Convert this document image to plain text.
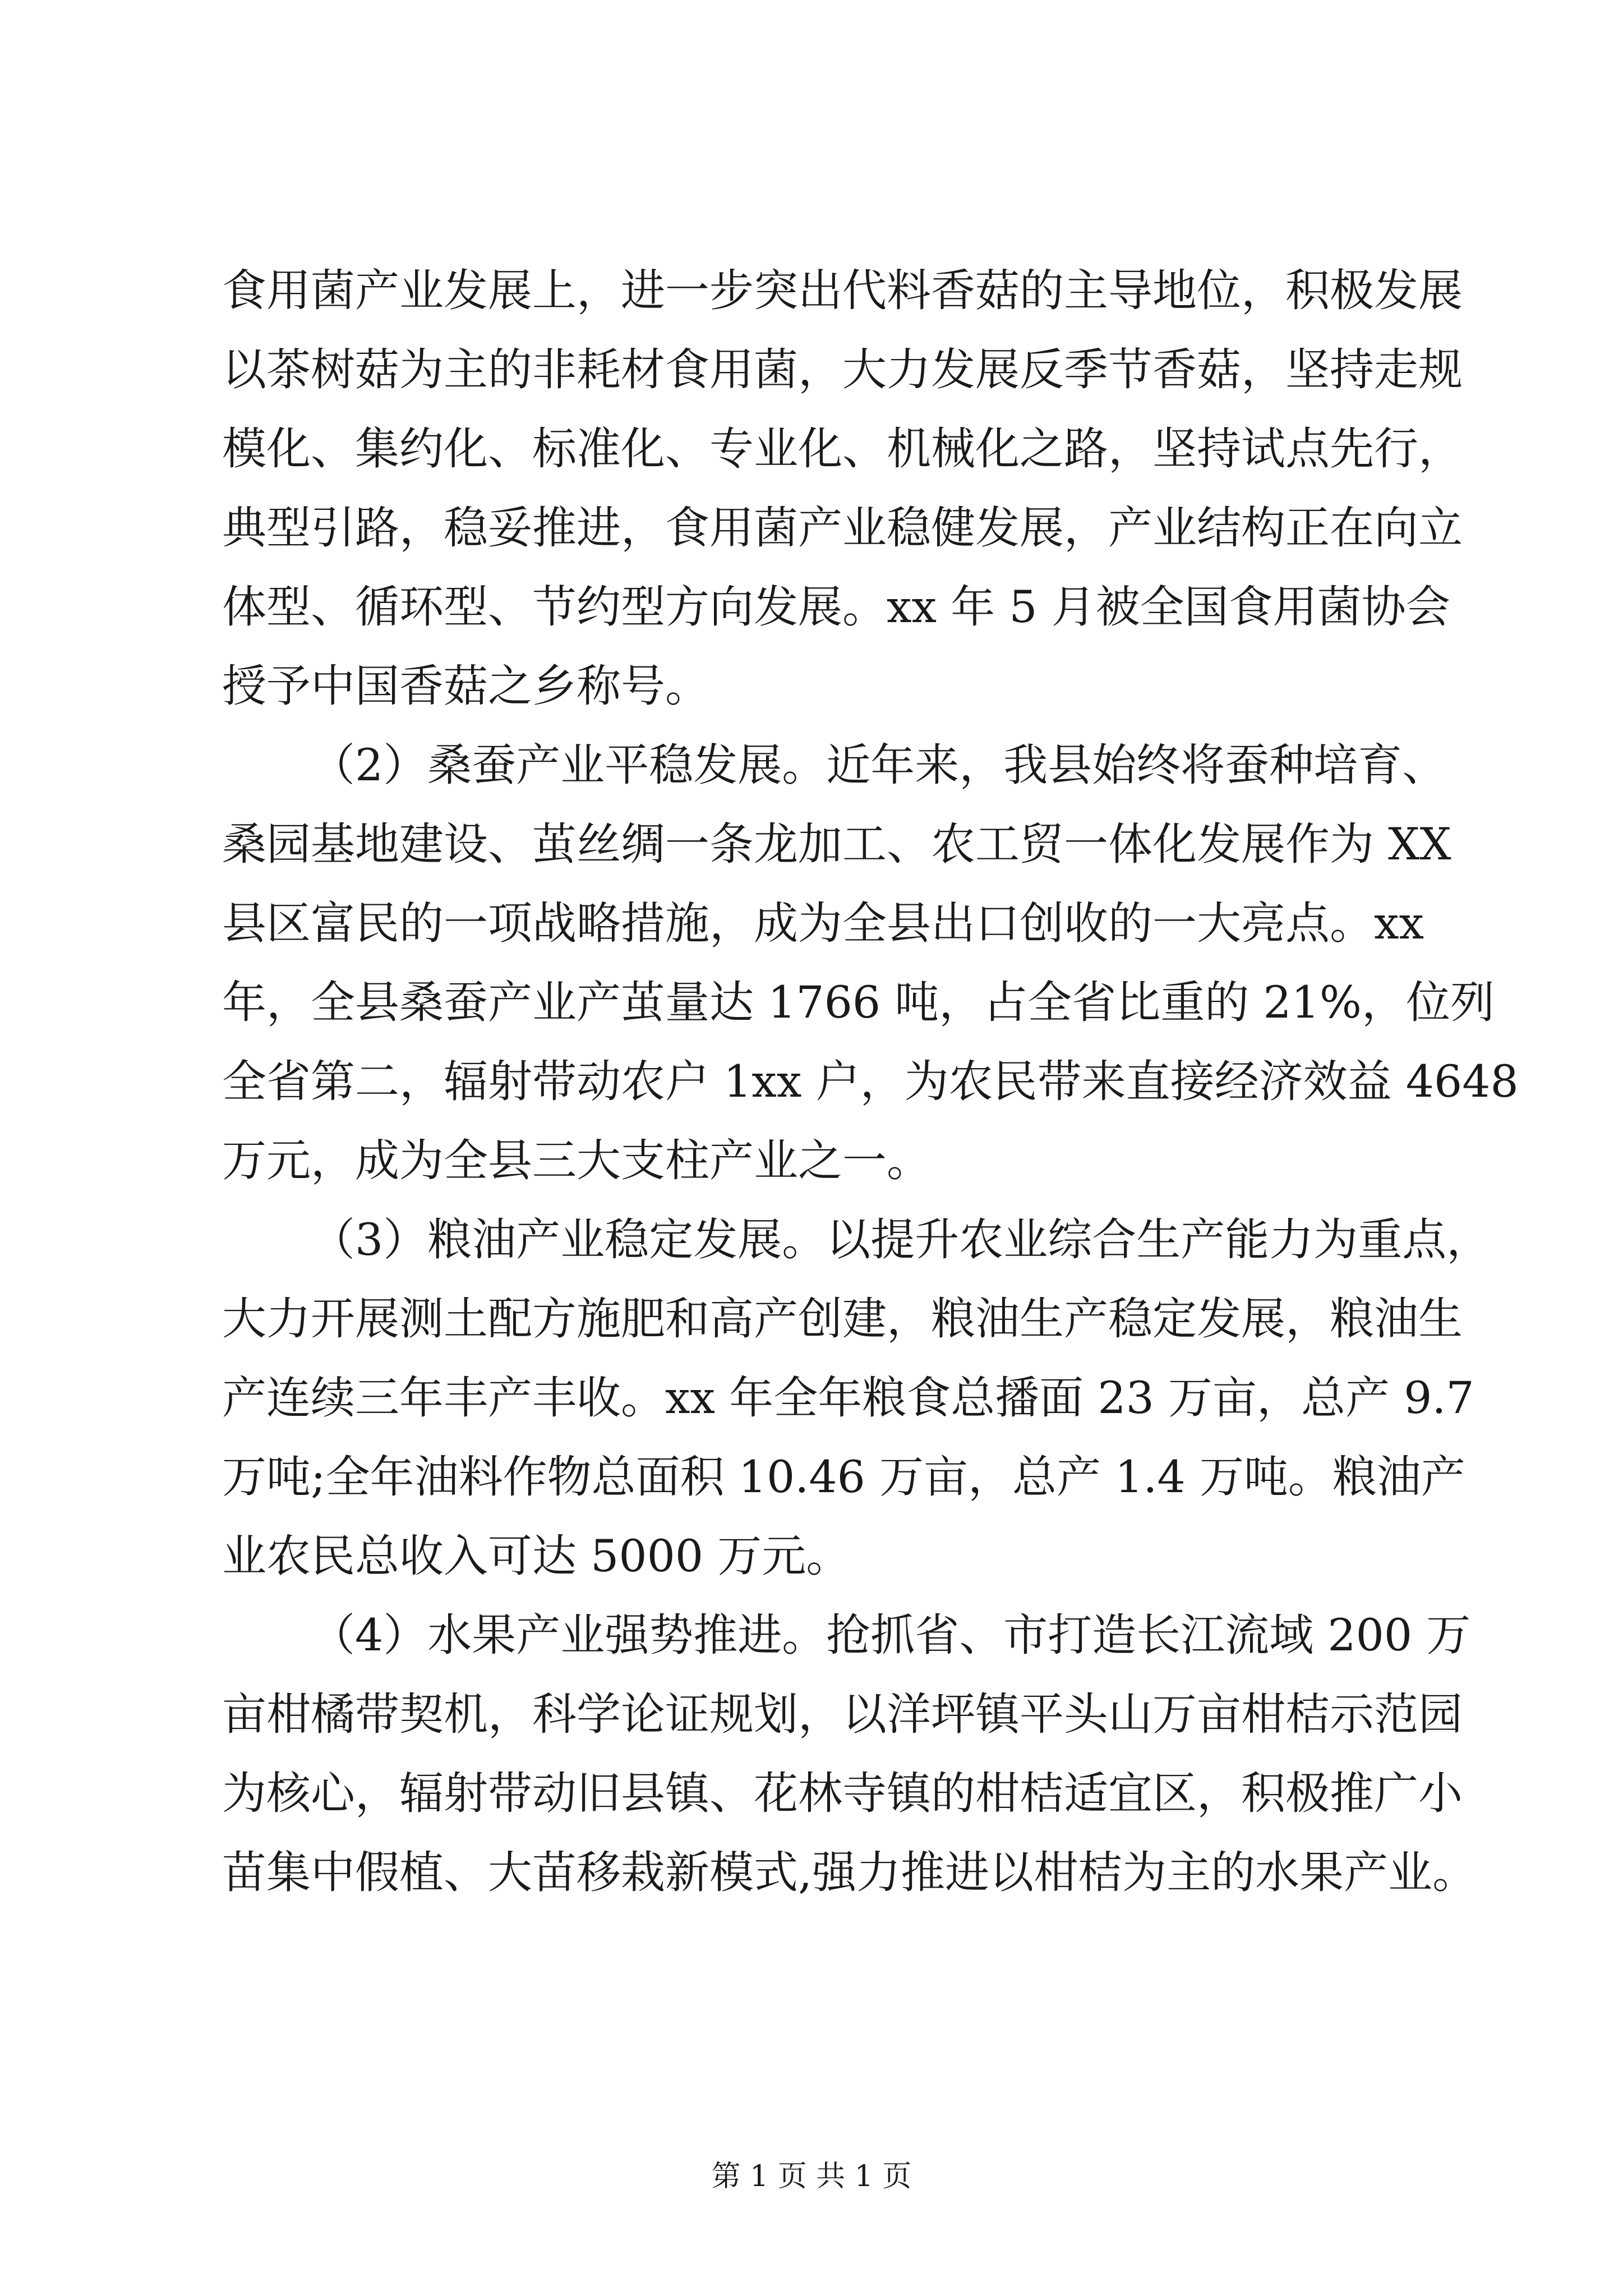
食用菌产业发展上，进一步突出代料香菇的主导地位，积极发展
以茶树菇为主的非耗材食用菌，大力发展反季节香菇，坚持走规
模化、集约化、标准化、专业化、机械化之路，坚持试点先行，
典型引路，稳妥推进，食用菌产业稳健发展，产业结构正在向立
体型、循环型、节约型方向发展。xx 年 5 月被全国食用菌协会
授予中国香菇之乡称号。
（2）桑蚕产业平稳发展。近年来，我县始终将蚕种培育、
桑园基地建设、茧丝绸一条龙加工、农工贸一体化发展作为 XX
县区富民的一项战略措施，成为全县出口创收的一大亮点。xx
年，全县桑蚕产业产茧量达 1766 吨，占全省比重的 21%，位列
全省第二，辐射带动农户 1xx 户，为农民带来直接经济效益 4648
万元，成为全县三大支柱产业之一。
（3）粮油产业稳定发展。以提升农业综合生产能力为重点，
大力开展测土配方施肥和高产创建，粮油生产稳定发展，粮油生
产连续三年丰产丰收。xx 年全年粮食总播面 23 万亩，总产 9.7
万吨;全年油料作物总面积 10.46 万亩，总产 1.4 万吨。粮油产
业农民总收入可达 5000 万元。
（4）水果产业强势推进。抢抓省、市打造长江流域 200 万
亩柑橘带契机，科学论证规划，以洋坪镇平头山万亩柑桔示范园
为核心，辐射带动旧县镇、花林寺镇的柑桔适宜区，积极推广小
苗集中假植、大苗移栽新模式,强力推进以柑桔为主的水果产业。
第 1 页 共 1 页
